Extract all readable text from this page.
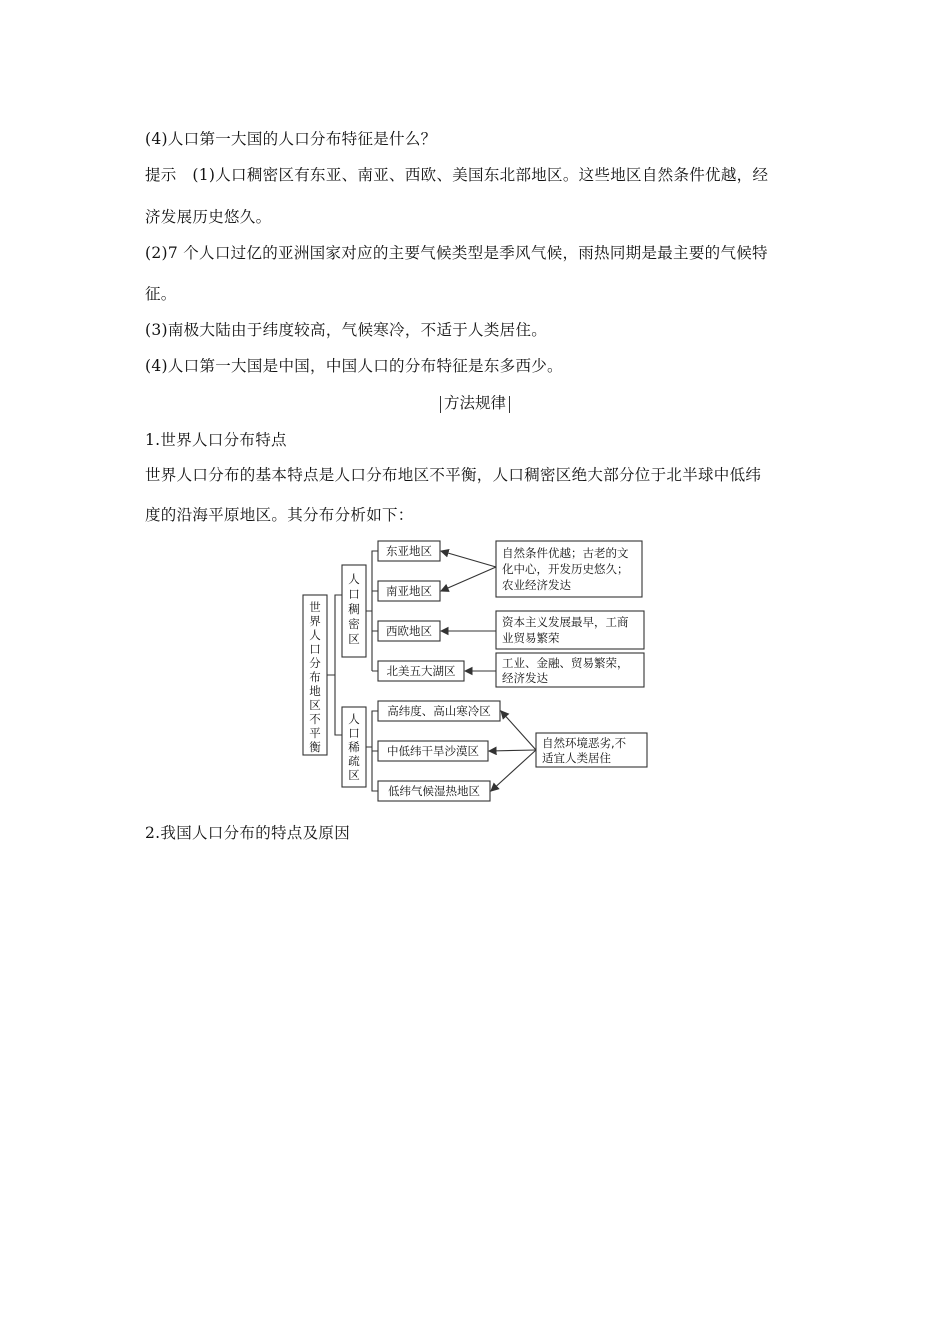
(4)人口第一大国的人口分布特征是什么？
提示　(1)人口稠密区有东亚、南亚、西欧、美国东北部地区。这些地区自然条件优越，经
济发展历史悠久。
(2)7 个人口过亿的亚洲国家对应的主要气候类型是季风气候，雨热同期是最主要的气候特
征。
(3)南极大陆由于纬度较高，气候寒冷，不适于人类居住。
(4)人口第一大国是中国，中国人口的分布特征是东多西少。
方法规律
1.世界人口分布特点
世界人口分布的基本特点是人口分布地区不平衡，人口稠密区绝大部分位于北半球中低纬
度的沿海平原地区。其分布分析如下：
世
界
人
口
分
布
地
区
不
平
衡
人
口
稠
密
区
人
口
稀
疏
区
东亚地区
南亚地区
西欧地区
北美五大湖区
高纬度、高山寒冷区
中低纬干旱沙漠区
低纬气候湿热地区
自然条件优越；古老的文
化中心，开发历史悠久；
农业经济发达
资本主义发展最早，工商
业贸易繁荣
工业、金融、贸易繁荣，
经济发达
自然环境恶劣,不
适宜人类居住
2.我国人口分布的特点及原因
